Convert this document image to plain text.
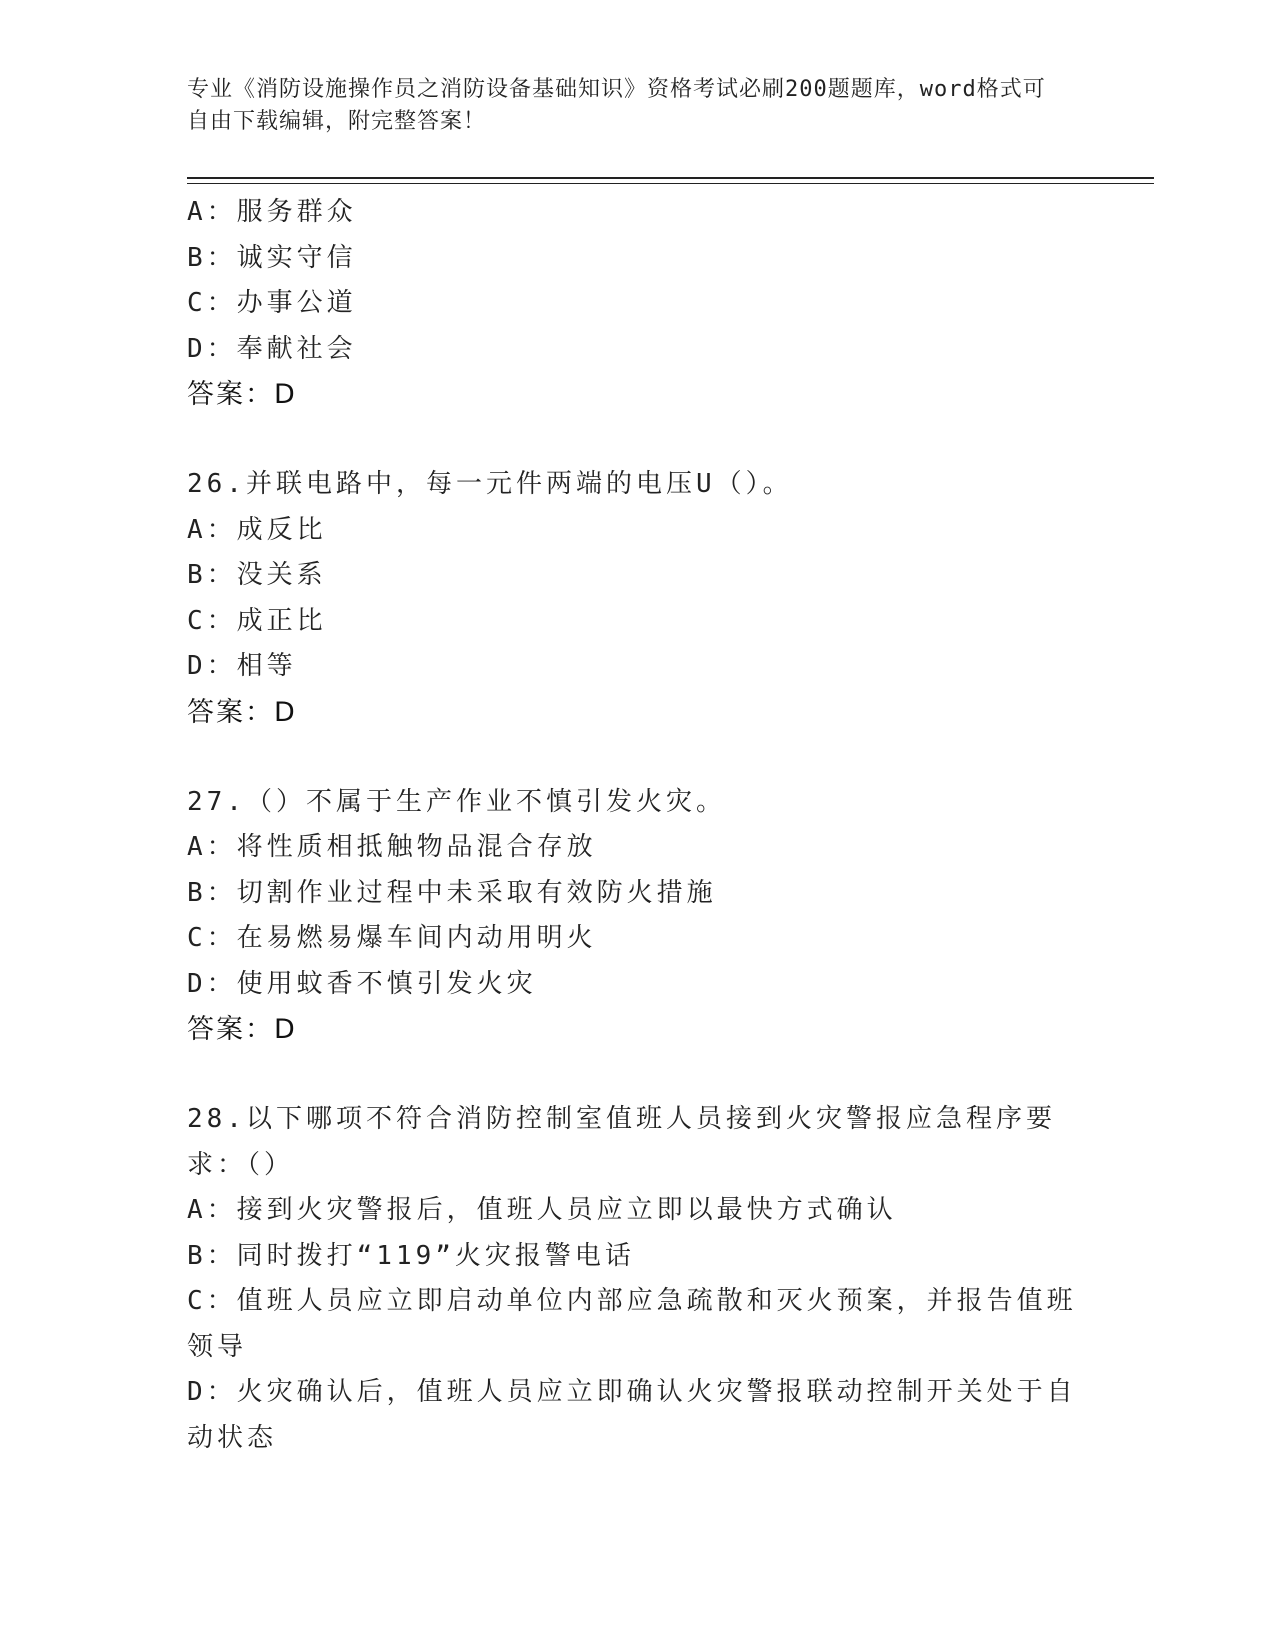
专业《消防设施操作员之消防设备基础知识》资格考试必刷200题题库，word格式可自由下载编辑，附完整答案！
A：服务群众
B：诚实守信
C：办事公道
D：奉献社会
答案：D
26.并联电路中，每一元件两端的电压U（）。
A：成反比
B：没关系
C：成正比
D：相等
答案：D
27.（）不属于生产作业不慎引发火灾。
A：将性质相抵触物品混合存放
B：切割作业过程中未采取有效防火措施
C：在易燃易爆车间内动用明火
D：使用蚊香不慎引发火灾
答案：D
28.以下哪项不符合消防控制室值班人员接到火灾警报应急程序要求：（）
A：接到火灾警报后，值班人员应立即以最快方式确认
B：同时拨打“119”火灾报警电话
C：值班人员应立即启动单位内部应急疏散和灭火预案，并报告值班领导
D：火灾确认后，值班人员应立即确认火灾警报联动控制开关处于自动状态
